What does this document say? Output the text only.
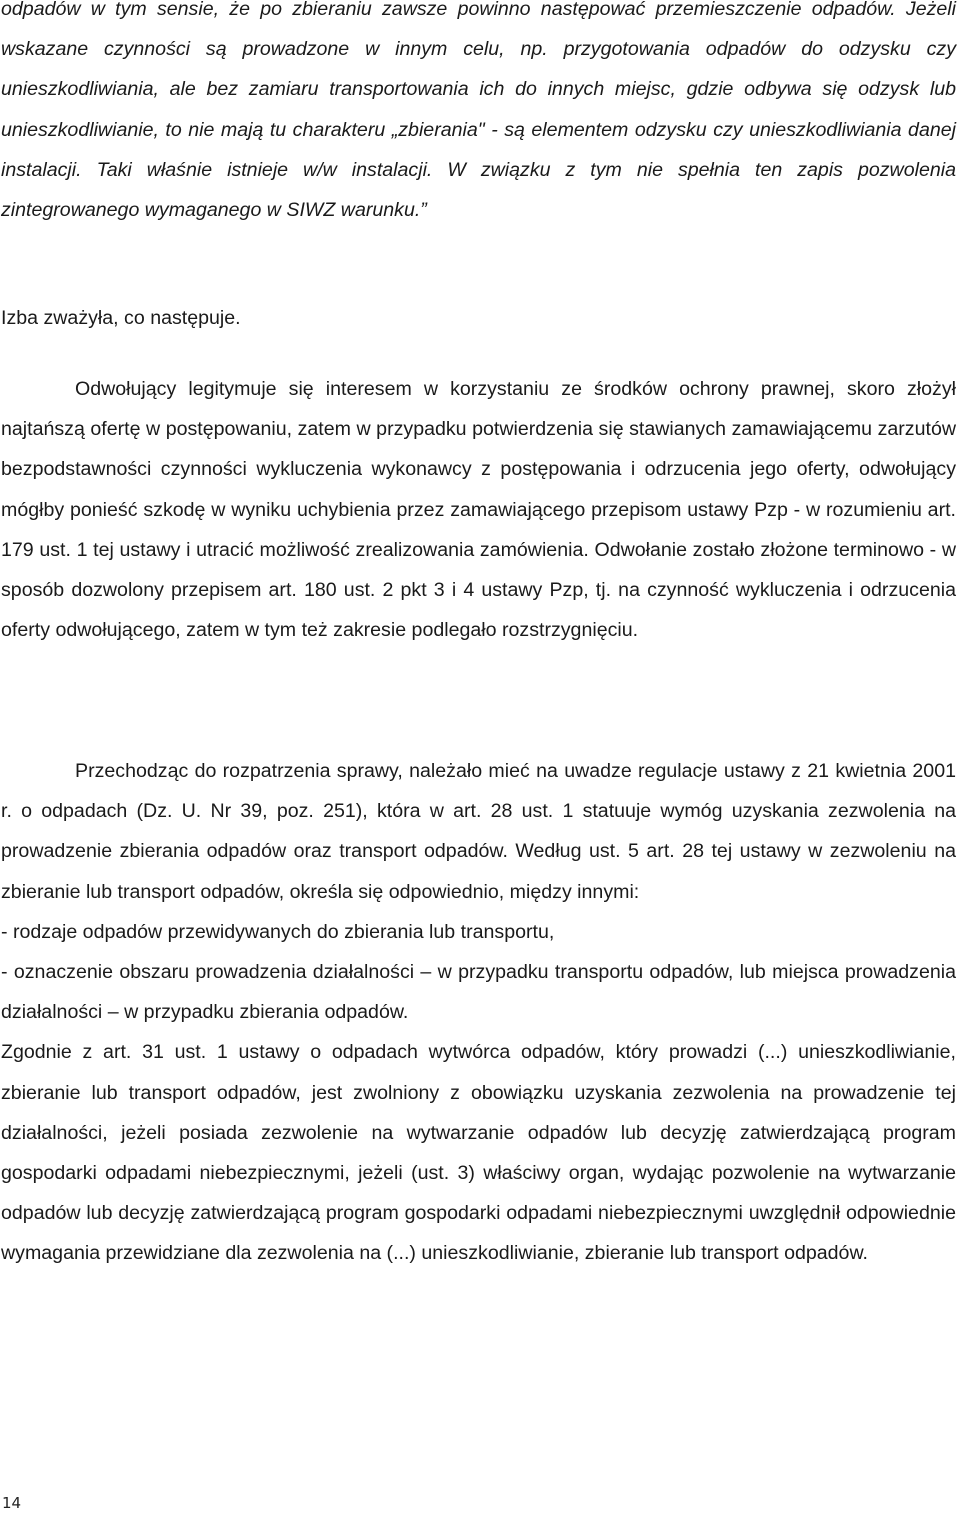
odpadów w tym sensie, że po zbieraniu zawsze powinno następować przemieszczenie odpadów. Jeżeli wskazane czynności są prowadzone w innym celu, np. przygotowania odpadów do odzysku czy unieszkodliwiania, ale bez zamiaru transportowania ich do innych miejsc, gdzie odbywa się odzysk lub unieszkodliwianie, to nie mają tu charakteru „zbierania" - są elementem odzysku czy unieszkodliwiania danej instalacji. Taki właśnie istnieje w/w instalacji. W związku z tym nie spełnia ten zapis pozwolenia zintegrowanego wymaganego w SIWZ warunku.”

Izba zważyła, co następuje.

Odwołujący legitymuje się interesem w korzystaniu ze środków ochrony prawnej, skoro złożył najtańszą ofertę w postępowaniu, zatem w przypadku potwierdzenia się stawianych zamawiającemu zarzutów bezpodstawności czynności wykluczenia wykonawcy z postępowania i odrzucenia jego oferty, odwołujący mógłby ponieść szkodę w wyniku uchybienia przez zamawiającego przepisom ustawy Pzp - w rozumieniu art. 179 ust. 1 tej ustawy i utracić możliwość zrealizowania zamówienia. Odwołanie zostało złożone terminowo - w sposób dozwolony przepisem art. 180 ust. 2 pkt 3 i 4 ustawy Pzp, tj. na czynność wykluczenia i odrzucenia oferty odwołującego, zatem w tym też zakresie podlegało rozstrzygnięciu.

Przechodząc do rozpatrzenia sprawy, należało mieć na uwadze regulacje ustawy z 21 kwietnia 2001 r. o odpadach (Dz. U. Nr 39, poz. 251), która w art. 28 ust. 1 statuuje wymóg uzyskania zezwolenia na prowadzenie zbierania odpadów oraz transport odpadów. Według ust. 5 art. 28 tej ustawy w zezwoleniu na zbieranie lub transport odpadów, określa się odpowiednio, między innymi:
- rodzaje odpadów przewidywanych do zbierania lub transportu,
- oznaczenie obszaru prowadzenia działalności – w przypadku transportu odpadów, lub miejsca prowadzenia działalności – w przypadku zbierania odpadów.
Zgodnie z art. 31 ust. 1 ustawy o odpadach wytwórca odpadów, który prowadzi (...) unieszkodliwianie, zbieranie lub transport odpadów, jest zwolniony z obowiązku uzyskania zezwolenia na prowadzenie tej działalności, jeżeli posiada zezwolenie na wytwarzanie odpadów lub decyzję zatwierdzającą program gospodarki odpadami niebezpiecznymi, jeżeli (ust. 3) właściwy organ, wydając pozwolenie na wytwarzanie odpadów lub decyzję zatwierdzającą program gospodarki odpadami niebezpiecznymi uwzględnił odpowiednie wymagania przewidziane dla zezwolenia na (...) unieszkodliwianie, zbieranie lub transport odpadów.
14
